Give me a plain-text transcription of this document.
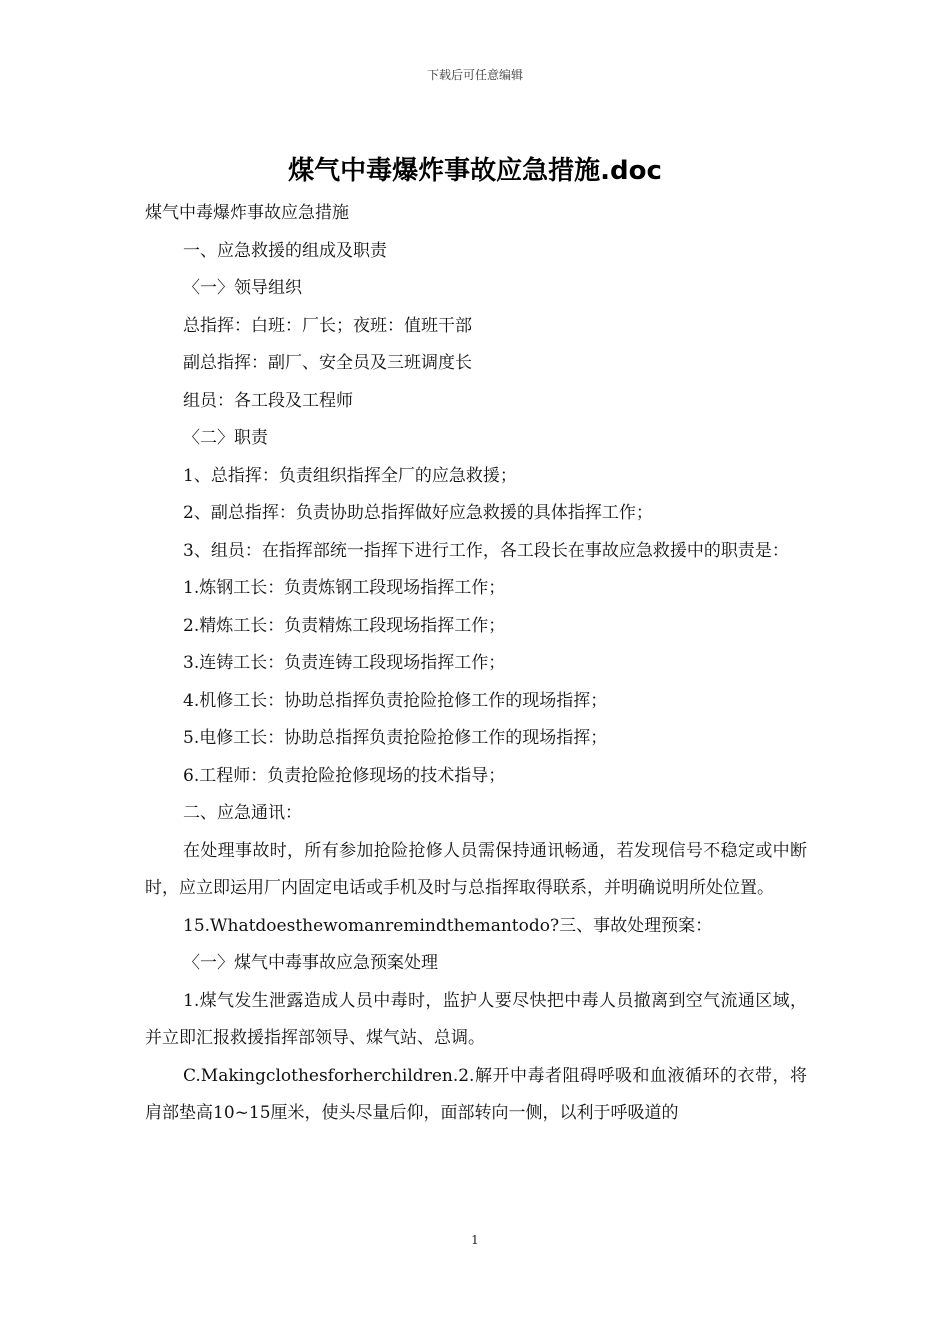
下载后可任意编辑
煤气中毒爆炸事故应急措施.doc

煤气中毒爆炸事故应急措施

一、应急救援的组成及职责

〈一〉领导组织

总指挥：白班：厂长；夜班：值班干部

副总指挥：副厂、安全员及三班调度长

组员：各工段及工程师

〈二〉职责

1、总指挥：负责组织指挥全厂的应急救援；

2、副总指挥：负责协助总指挥做好应急救援的具体指挥工作；

3、组员：在指挥部统一指挥下进行工作，各工段长在事故应急救援中的职责是：

1.炼钢工长：负责炼钢工段现场指挥工作；

2.精炼工长：负责精炼工段现场指挥工作；

3.连铸工长：负责连铸工段现场指挥工作；

4.机修工长：协助总指挥负责抢险抢修工作的现场指挥；

5.电修工长：协助总指挥负责抢险抢修工作的现场指挥；

6.工程师：负责抢险抢修现场的技术指导；

二、应急通讯：

在处理事故时，所有参加抢险抢修人员需保持通讯畅通，若发现信号不稳定或中断时，应立即运用厂内固定电话或手机及时与总指挥取得联系，并明确说明所处位置。

15.Whatdoesthewomanremindthemantodo?三、事故处理预案：

〈一〉煤气中毒事故应急预案处理

1.煤气发生泄露造成人员中毒时，监护人要尽快把中毒人员撤离到空气流通区域，并立即汇报救援指挥部领导、煤气站、总调。

C.Makingclothesforherchildren.2.解开中毒者阻碍呼吸和血液循环的衣带，将肩部垫高10~15厘米，使头尽量后仰，面部转向一侧，以利于呼吸道的

1
